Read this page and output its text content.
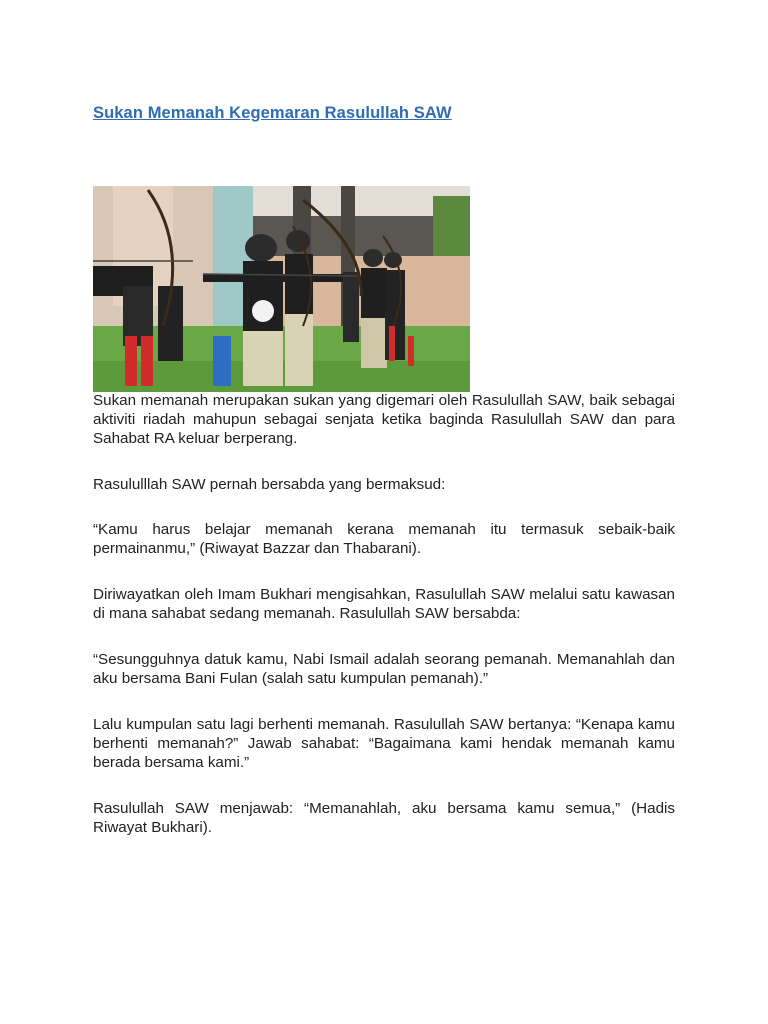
Sukan Memanah Kegemaran Rasulullah SAW

Sukan memanah merupakan sukan yang digemari oleh Rasulullah SAW, baik sebagai aktiviti riadah mahupun sebagai senjata ketika baginda Rasulullah SAW dan para Sahabat RA keluar berperang.

Rasululllah SAW pernah bersabda yang bermaksud:

“Kamu harus belajar memanah kerana memanah itu termasuk sebaik-baik permainanmu,” (Riwayat Bazzar dan Thabarani).

Diriwayatkan oleh Imam Bukhari mengisahkan, Rasulullah SAW melalui satu kawasan di mana sahabat sedang memanah. Rasulullah SAW bersabda:

“Sesungguhnya datuk kamu, Nabi Ismail adalah seorang pemanah. Memanahlah dan aku bersama Bani Fulan (salah satu kumpulan pemanah).”

Lalu kumpulan satu lagi berhenti memanah. Rasulullah SAW bertanya: “Kenapa kamu berhenti memanah?” Jawab sahabat: “Bagaimana kami hendak memanah kamu berada bersama kami.”

Rasulullah SAW menjawab: “Memanahlah, aku bersama kamu semua,” (Hadis Riwayat Bukhari).
